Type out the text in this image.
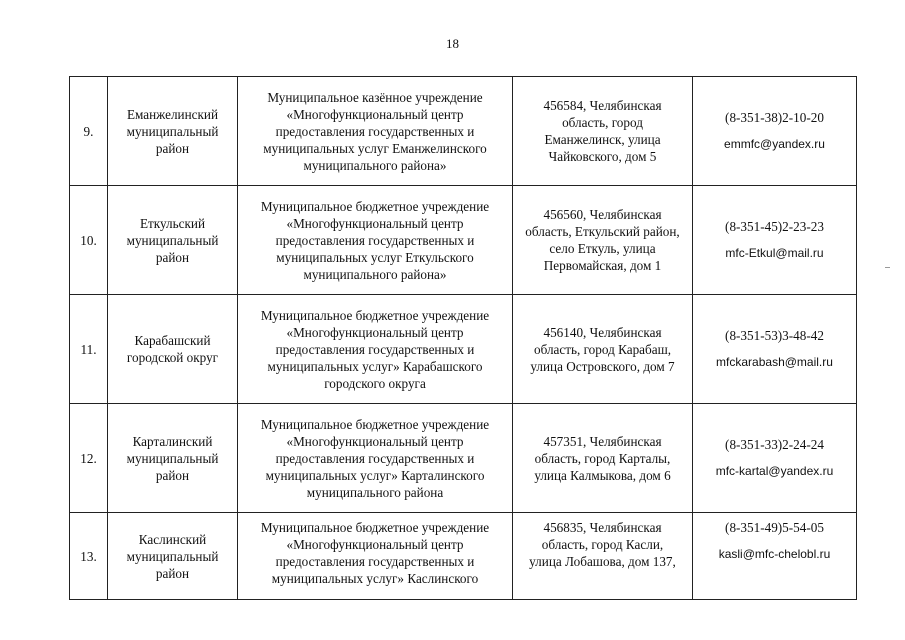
18
9.	Еманжелинский
муниципальный
район	Муниципальное казённое учреждение
«Многофункциональный центр
предоставления государственных и
муниципальных услуг Еманжелинского
муниципального района»	456584, Челябинская
область, город
Еманжелинск, улица
Чайковского, дом 5	(8-351-38)2-10-20
emmfc@yandex.ru

10.	Еткульский
муниципальный
район	Муниципальное бюджетное учреждение
«Многофункциональный центр
предоставления государственных и
муниципальных услуг Еткульского
муниципального района»	456560, Челябинская
область, Еткульский район,
село Еткуль, улица
Первомайская, дом 1	(8-351-45)2-23-23
mfc-Etkul@mail.ru

11.	Карабашский
городской округ	Муниципальное бюджетное учреждение
«Многофункциональный центр
предоставления государственных и
муниципальных услуг» Карабашского
городского округа	456140, Челябинская
область, город Карабаш,
улица Островского, дом 7	(8-351-53)3-48-42
mfckarabash@mail.ru

12.	Карталинский
муниципальный
район	Муниципальное бюджетное учреждение
«Многофункциональный центр
предоставления государственных и
муниципальных услуг» Карталинского
муниципального района	457351, Челябинская
область, город Карталы,
улица Калмыкова, дом 6	(8-351-33)2-24-24
mfc-kartal@yandex.ru

13.	Каслинский
муниципальный
район	Муниципальное бюджетное учреждение
«Многофункциональный центр
предоставления государственных и
муниципальных услуг» Каслинского	456835, Челябинская
область, город Касли,
улица Лобашова, дом 137,	(8-351-49)5-54-05
kasli@mfc-chelobl.ru
